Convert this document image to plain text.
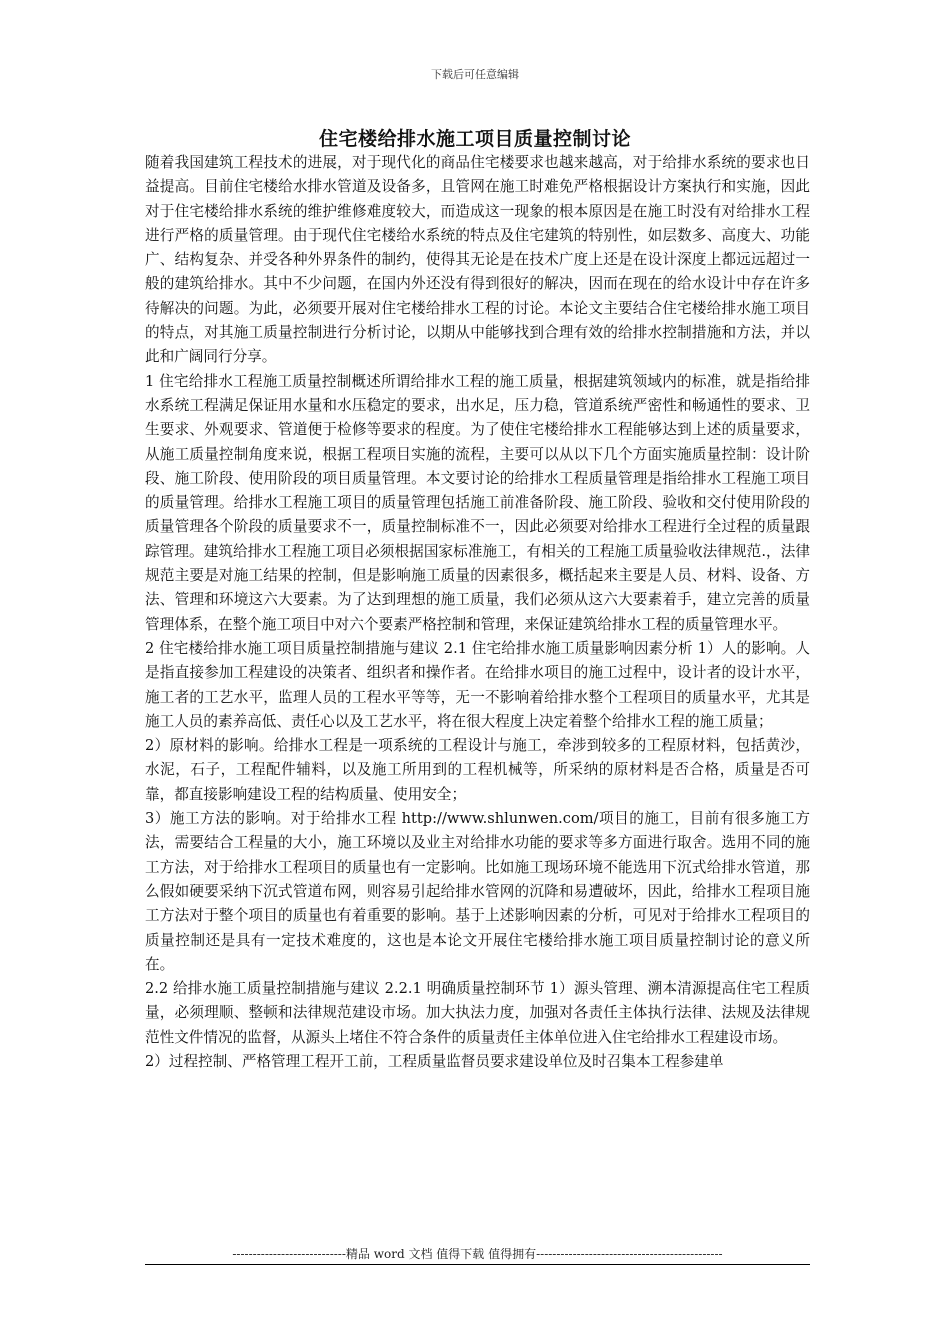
下载后可任意编辑
住宅楼给排水施工项目质量控制讨论

随着我国建筑工程技术的进展，对于现代化的商品住宅楼要求也越来越高，对于给排水系统的要求也日益提高。目前住宅楼给水排水管道及设备多，且管网在施工时难免严格根据设计方案执行和实施，因此对于住宅楼给排水系统的维护维修难度较大，而造成这一现象的根本原因是在施工时没有对给排水工程进行严格的质量管理。由于现代住宅楼给水系统的特点及住宅建筑的特别性，如层数多、高度大、功能广、结构复杂、并受各种外界条件的制约，使得其无论是在技术广度上还是在设计深度上都远远超过一般的建筑给排水。其中不少问题，在国内外还没有得到很好的解决，因而在现在的给水设计中存在许多待解决的问题。为此，必须要开展对住宅楼给排水工程的讨论。本论文主要结合住宅楼给排水施工项目的特点，对其施工质量控制进行分析讨论，以期从中能够找到合理有效的给排水控制措施和方法，并以此和广阔同行分享。

1 住宅给排水工程施工质量控制概述所谓给排水工程的施工质量，根据建筑领域内的标准，就是指给排水系统工程满足保证用水量和水压稳定的要求，出水足，压力稳，管道系统严密性和畅通性的要求、卫生要求、外观要求、管道便于检修等要求的程度。为了使住宅楼给排水工程能够达到上述的质量要求，从施工质量控制角度来说，根据工程项目实施的流程，主要可以从以下几个方面实施质量控制：设计阶段、施工阶段、使用阶段的项目质量管理。本文要讨论的给排水工程质量管理是指给排水工程施工项目的质量管理。给排水工程施工项目的质量管理包括施工前准备阶段、施工阶段、验收和交付使用阶段的质量管理各个阶段的质量要求不一，质量控制标准不一，因此必须要对给排水工程进行全过程的质量跟踪管理。建筑给排水工程施工项目必须根据国家标准施工，有相关的工程施工质量验收法律规范.，法律规范主要是对施工结果的控制，但是影响施工质量的因素很多，概括起来主要是人员、材料、设备、方法、管理和环境这六大要素。为了达到理想的施工质量，我们必须从这六大要素着手，建立完善的质量管理体系，在整个施工项目中对六个要素严格控制和管理，来保证建筑给排水工程的质量管理水平。

2 住宅楼给排水施工项目质量控制措施与建议 2.1 住宅给排水施工质量影响因素分析 1）人的影响。人是指直接参加工程建设的决策者、组织者和操作者。在给排水项目的施工过程中，设计者的设计水平，施工者的工艺水平，监理人员的工程水平等等，无一不影响着给排水整个工程项目的质量水平，尤其是施工人员的素养高低、责任心以及工艺水平，将在很大程度上决定着整个给排水工程的施工质量；

2）原材料的影响。给排水工程是一项系统的工程设计与施工，牵涉到较多的工程原材料，包括黄沙，水泥，石子，工程配件辅料，以及施工所用到的工程机械等，所采纳的原材料是否合格，质量是否可靠，都直接影响建设工程的结构质量、使用安全；

3）施工方法的影响。对于给排水工程 http://www.shlunwen.com/项目的施工，目前有很多施工方法，需要结合工程量的大小，施工环境以及业主对给排水功能的要求等多方面进行取舍。选用不同的施工方法，对于给排水工程项目的质量也有一定影响。比如施工现场环境不能选用下沉式给排水管道，那么假如硬要采纳下沉式管道布网，则容易引起给排水管网的沉降和易遭破坏，因此，给排水工程项目施工方法对于整个项目的质量也有着重要的影响。基于上述影响因素的分析，可见对于给排水工程项目的质量控制还是具有一定技术难度的，这也是本论文开展住宅楼给排水施工项目质量控制讨论的意义所在。

2.2 给排水施工质量控制措施与建议 2.2.1 明确质量控制环节 1）源头管理、溯本清源提高住宅工程质量，必须理顺、整顿和法律规范建设市场。加大执法力度，加强对各责任主体执行法律、法规及法律规范性文件情况的监督，从源头上堵住不符合条件的质量责任主体单位进入住宅给排水工程建设市场。

2）过程控制、严格管理工程开工前，工程质量监督员要求建设单位及时召集本工程参建单

----------------------------精品 word 文档 值得下载 值得拥有----------------------------------------------
